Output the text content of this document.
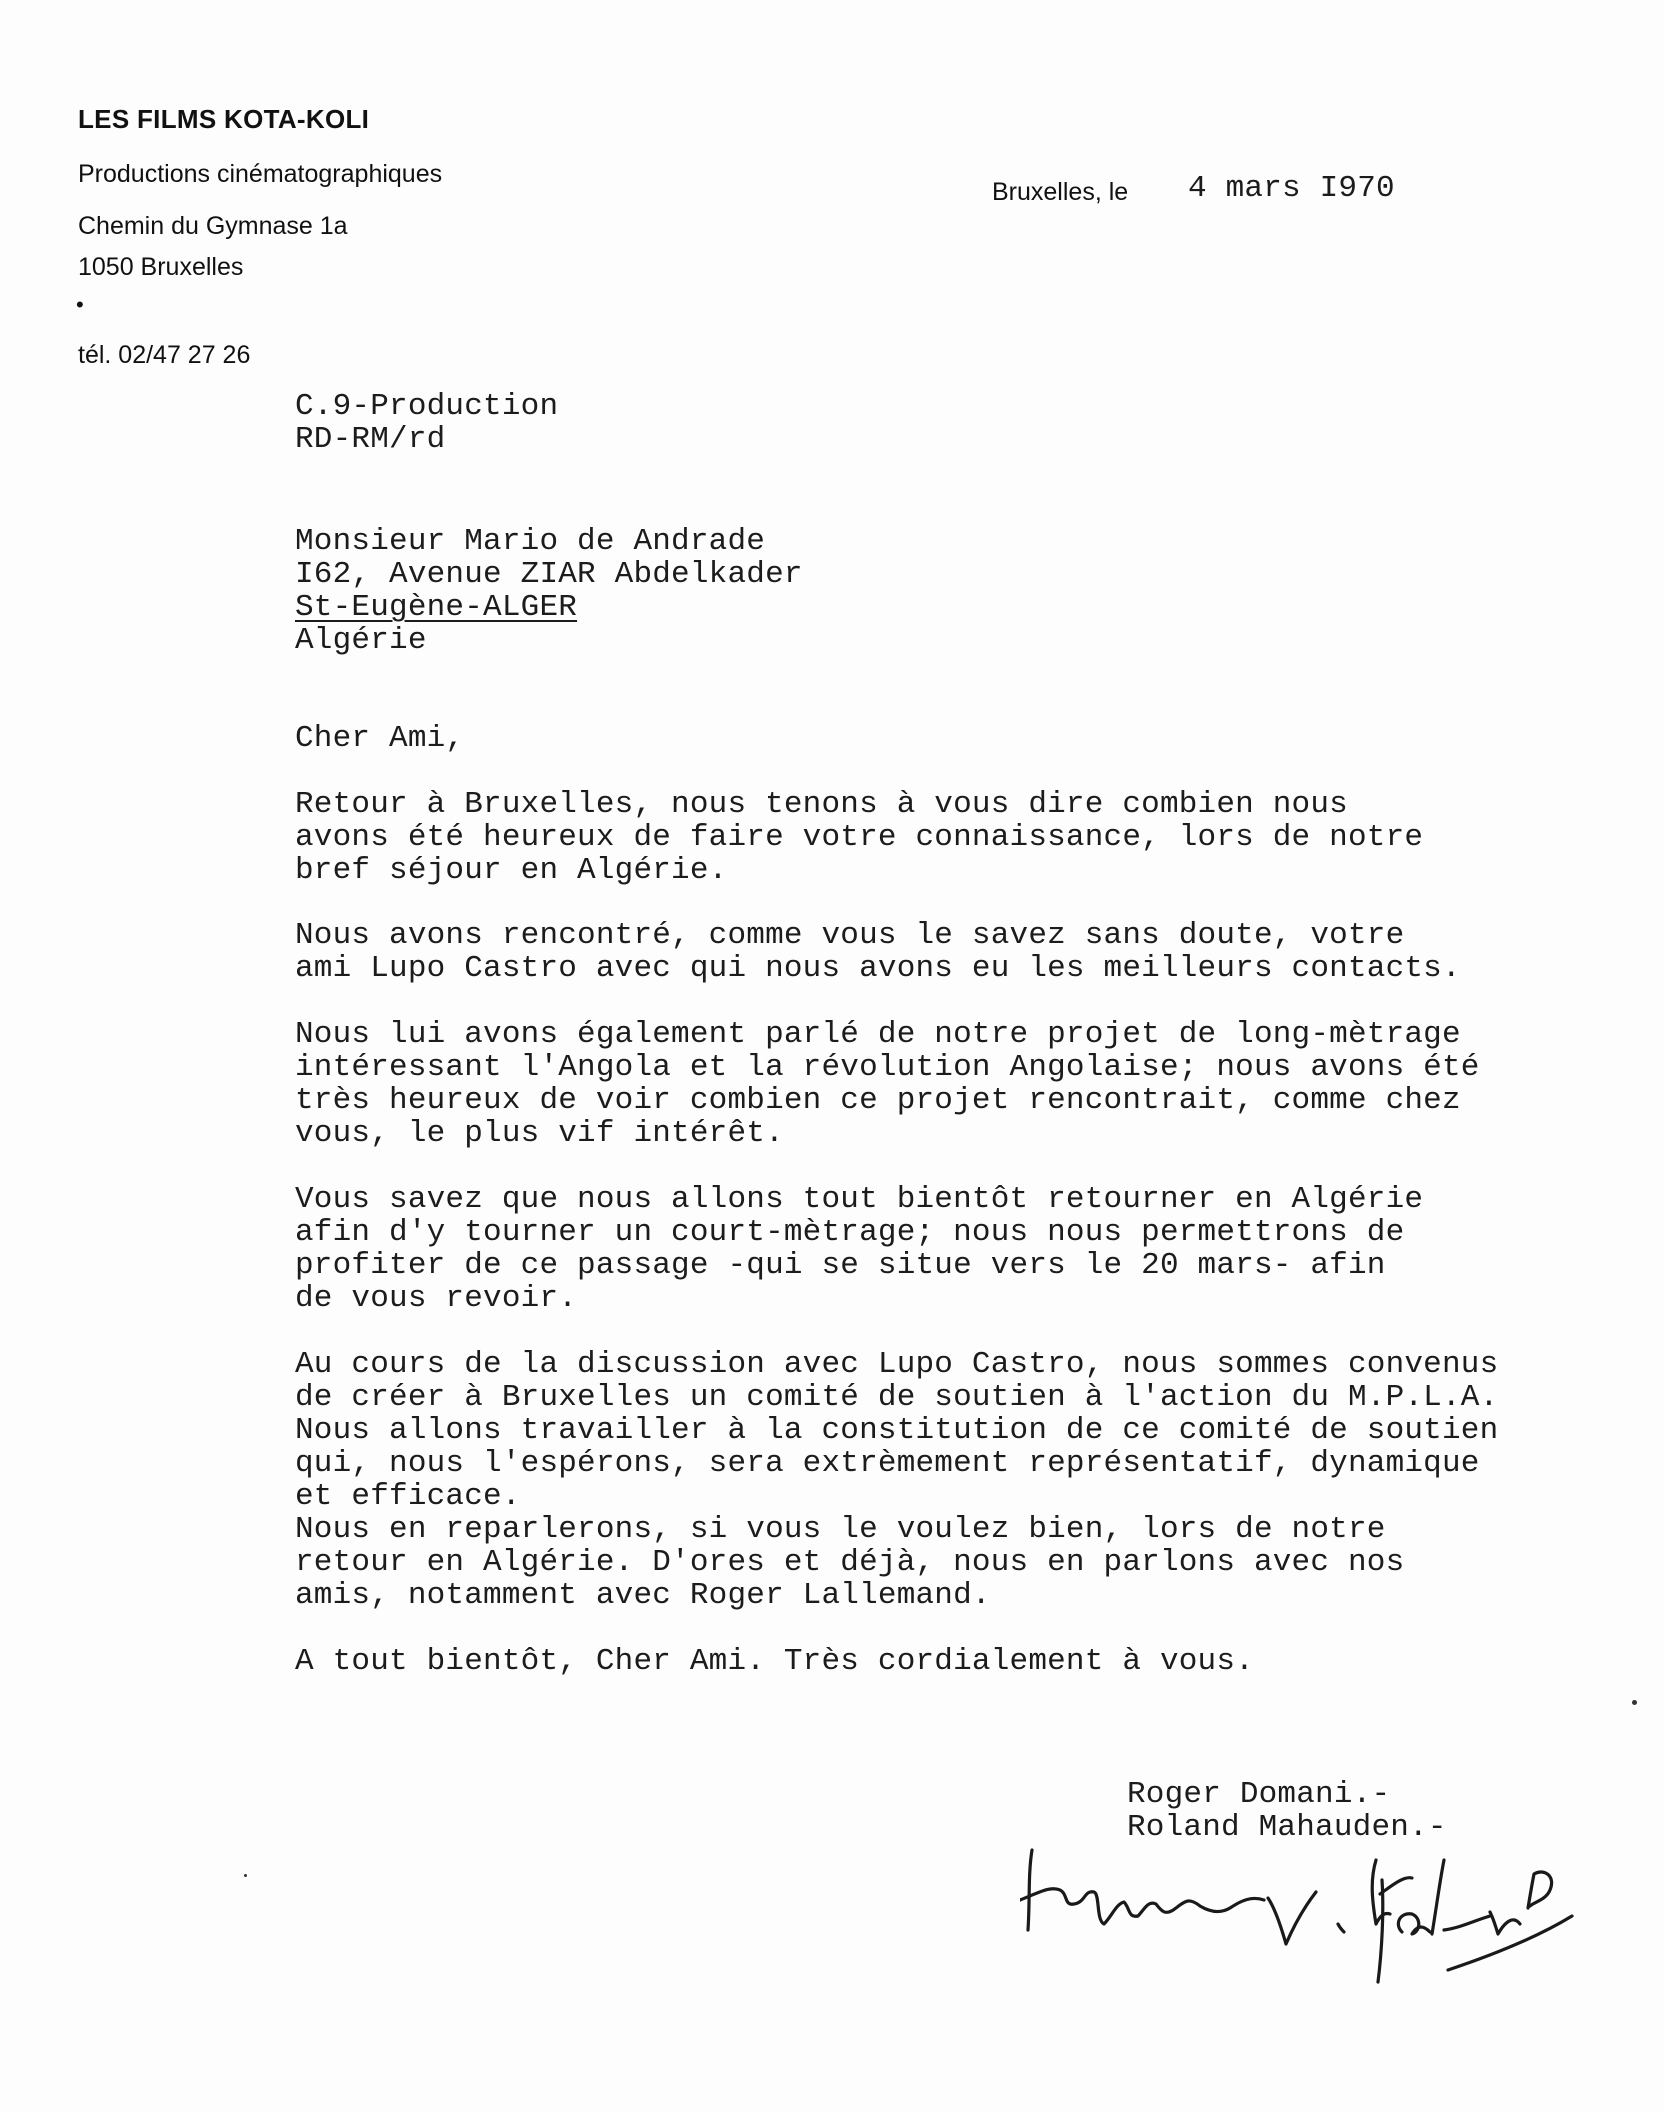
LES FILMS KOTA-KOLI
Productions cinématographiques
Chemin du Gymnase 1a
1050 Bruxelles
•
tél. 02/47 27 26
Bruxelles, le 4 mars I970
C.9-Production
RD-RM/rd
Monsieur Mario de Andrade
I62, Avenue ZIAR Abdelkader
St-Eugène-ALGER
Algérie
Cher Ami,
Retour à Bruxelles, nous tenons à vous dire combien nous
avons été heureux de faire votre connaissance, lors de notre
bref séjour en Algérie.
Nous avons rencontré, comme vous le savez sans doute, votre
ami Lupo Castro avec qui nous avons eu les meilleurs contacts.
Nous lui avons également parlé de notre projet de long-mètrage
intéressant l'Angola et la révolution Angolaise; nous avons été
très heureux de voir combien ce projet rencontrait, comme chez
vous, le plus vif intérêt.
Vous savez que nous allons tout bientôt retourner en Algérie
afin d'y tourner un court-mètrage; nous nous permettrons de
profiter de ce passage -qui se situe vers le 20 mars- afin
de vous revoir.
Au cours de la discussion avec Lupo Castro, nous sommes convenus
de créer à Bruxelles un comité de soutien à l'action du M.P.L.A.
Nous allons travailler à la constitution de ce comité de soutien
qui, nous l'espérons, sera extrèmement représentatif, dynamique
et efficace.
Nous en reparlerons, si vous le voulez bien, lors de notre
retour en Algérie. D'ores et déjà, nous en parlons avec nos
amis, notamment avec Roger Lallemand.
A tout bientôt, Cher Ami. Très cordialement à vous.
Roger Domani.-
Roland Mahauden.-
